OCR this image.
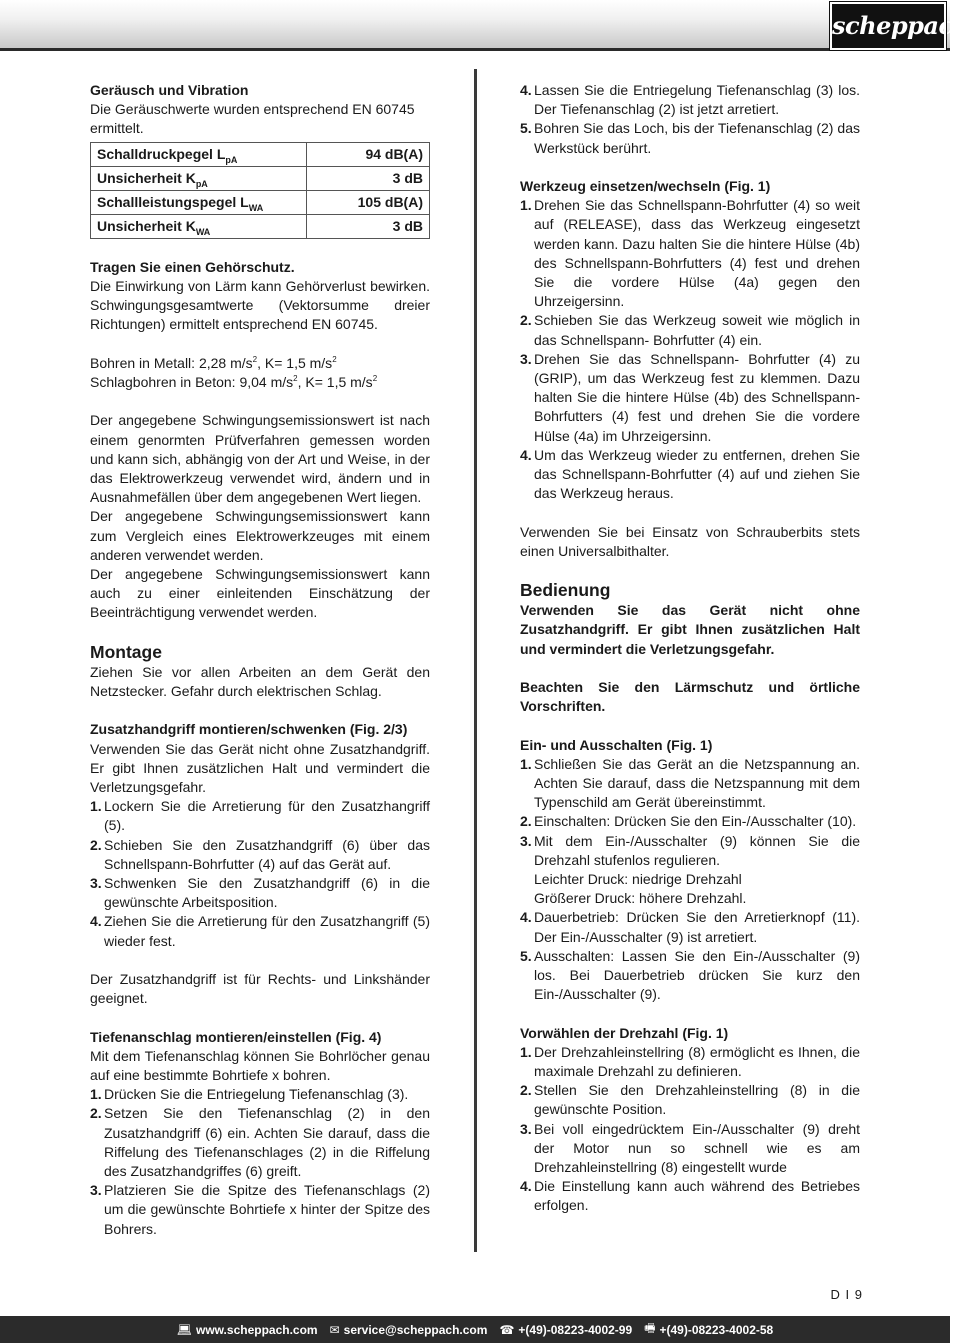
scheppach

Geräusch und Vibration

Die Geräuschwerte wurden entsprechend EN 60745 ermittelt.

Schalldruckpegel $L_{pA}$	94 dB(A)
Unsicherheit $K_{pA}$	3 dB
Schallleistungspegel $L_{WA}$	105 dB(A)
Unsicherheit $K_{WA}$	3 dB

Tragen Sie einen Gehörschutz.

Die Einwirkung von Lärm kann Gehörverlust bewirken. Schwingungsgesamtwerte (Vektorsumme dreier Richtungen) ermittelt entsprechend EN 60745.

Bohren in Metall: 2,28 $m/s^2$, K= 1,5 $m/s^2$

Schlagbohren in Beton: 9,04 $m/s^2$, K= 1,5 $m/s^2$

Der angegebene Schwingungsemissionswert ist nach einem genormten Prüfverfahren gemessen worden und kann sich, abhängig von der Art und Weise, in der das Elektrowerkzeug verwendet wird, ändern und in Ausnahmefällen über dem angegebenen Wert liegen.

Der angegebene Schwingungsemissionswert kann zum Vergleich eines Elektrowerkzeuges mit einem anderen verwendet werden.

Der angegebene Schwingungsemissionswert kann auch zu einer einleitenden Einschätzung der Beeinträchtigung verwendet werden.

Montage

Ziehen Sie vor allen Arbeiten an dem Gerät den Netzstecker. Gefahr durch elektrischen Schlag.

Zusatzhandgriff montieren/schwenken (Fig. 2/3)

Verwenden Sie das Gerät nicht ohne Zusatzhandgriff. Er gibt Ihnen zusätzlichen Halt und vermindert die Verletzungsgefahr.

1. Lockern Sie die Arretierung für den Zusatzhangriff (5).
2. Schieben Sie den Zusatzhandgriff (6) über das Schnellspann-Bohrfutter (4) auf das Gerät auf.
3. Schwenken Sie den Zusatzhandgriff (6) in die gewünschte Arbeitsposition.
4. Ziehen Sie die Arretierung für den Zusatzhangriff (5) wieder fest.

Der Zusatzhandgriff ist für Rechts- und Linkshänder geeignet.

Tiefenanschlag montieren/einstellen (Fig. 4)

Mit dem Tiefenanschlag können Sie Bohrlöcher genau auf eine bestimmte Bohrtiefe x bohren.

1. Drücken Sie die Entriegelung Tiefenanschlag (3).
2. Setzen Sie den Tiefenanschlag (2) in den Zusatzhandgriff (6) ein. Achten Sie darauf, dass die Riffelung des Tiefenanschlages (2) in die Riffelung des Zusatzhandgriffes (6) greift.
3. Platzieren Sie die Spitze des Tiefenanschlags (2) um die gewünschte Bohrtiefe x hinter der Spitze des Bohrers.
4. Lassen Sie die Entriegelung Tiefenanschlag (3) los. Der Tiefenanschlag (2) ist jetzt arretiert.
5. Bohren Sie das Loch, bis der Tiefenanschlag (2) das Werkstück berührt.

Werkzeug einsetzen/wechseln (Fig. 1)

1. Drehen Sie das Schnellspann-Bohrfutter (4) so weit auf (RELEASE), dass das Werkzeug eingesetzt werden kann. Dazu halten Sie die hintere Hülse (4b) des Schnellspann-Bohrfutters (4) fest und drehen Sie die vordere Hülse (4a) gegen den Uhrzeigersinn.
2. Schieben Sie das Werkzeug soweit wie möglich in das Schnellspann- Bohrfutter (4) ein.
3. Drehen Sie das Schnellspann- Bohrfutter (4) zu (GRIP), um das Werkzeug fest zu klemmen. Dazu halten Sie die hintere Hülse (4b) des Schnellspann-Bohrfutters (4) fest und drehen Sie die vordere Hülse (4a) im Uhrzeigersinn.
4. Um das Werkzeug wieder zu entfernen, drehen Sie das Schnellspann-Bohrfutter (4) auf und ziehen Sie das Werkzeug heraus.

Verwenden Sie bei Einsatz von Schrauberbits stets einen Universalbithalter.

Bedienung

Verwenden Sie das Gerät nicht ohne Zusatzhandgriff. Er gibt Ihnen zusätzlichen Halt und vermindert die Verletzungsgefahr.

Beachten Sie den Lärmschutz und örtliche Vorschriften.

Ein- und Ausschalten (Fig. 1)

1. Schließen Sie das Gerät an die Netzspannung an. Achten Sie darauf, dass die Netzspannung mit dem Typenschild am Gerät übereinstimmt.
2. Einschalten: Drücken Sie den Ein-/Ausschalter (10).
3. Mit dem Ein-/Ausschalter (9) können Sie die Drehzahl stufenlos regulieren.
Leichter Druck: niedrige Drehzahl
Größerer Druck: höhere Drehzahl.
4. Dauerbetrieb: Drücken Sie den Arretierknopf (11). Der Ein-/Ausschalter (9) ist arretiert.
5. Ausschalten: Lassen Sie den Ein-/Ausschalter (9) los. Bei Dauerbetrieb drücken Sie kurz den Ein-/Ausschalter (9).

Vorwählen der Drehzahl (Fig. 1)

1. Der Drehzahleinstellring (8) ermöglicht es Ihnen, die maximale Drehzahl zu definieren.
2. Stellen Sie den Drehzahleinstellring (8) in die gewünschte Position.
3. Bei voll eingedrücktem Ein-/Ausschalter (9) dreht der Motor nun so schnell wie es am Drehzahleinstellring (8) eingestellt wurde
4. Die Einstellung kann auch während des Betriebes erfolgen.
D I 9
💻︎ www.scheppach.com ✉︎ service@scheppach.com ☎ +(49)-08223-4002-99 🖷︎ +(49)-08223-4002-58
